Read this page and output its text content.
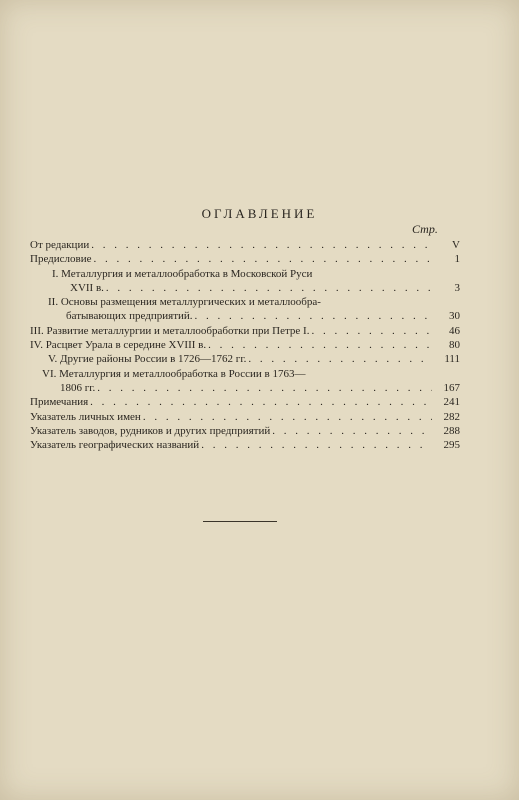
ОГЛАВЛЕНИЕ
Стр.
От редакции . . .	V
Предисловие . . .	1
I. Металлургия и металлообработка в Московской Руси
XVII в. . . .	3
II. Основы размещения металлургических и металлообра-
батывающих предприятий. . . .	30
III. Развитие металлургии и металлообработки при Петре I. . . .	46
IV. Расцвет Урала в середине XVIII в. . . .	80
V. Другие районы России в 1726—1762 гг. . . .	111
VI. Металлургия и металлообработка в России в 1763—
1806 гг. . . .	167
Примечания . . .	241
Указатель личных имен . . .	282
Указатель заводов, рудников и других предприятий . . .	288
Указатель географических названий . . .	295
